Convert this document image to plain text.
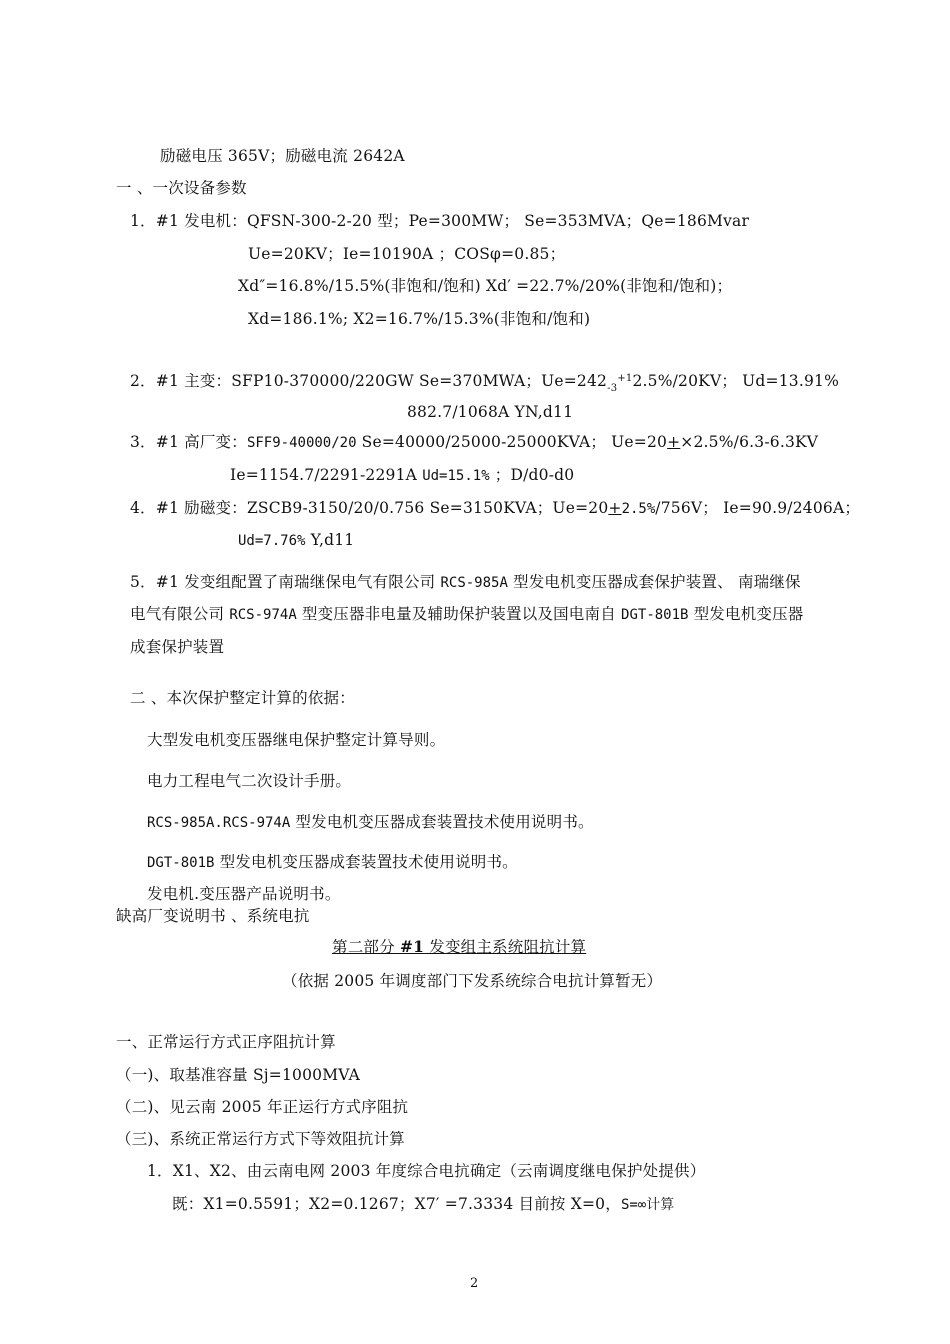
励磁电压 365V；励磁电流 2642A
一 、一次设备参数
1．#1 发电机：QFSN-300-2-20 型；Pe=300MW； Se=353MVA；Qe=186Mvar
Ue=20KV；Ie=10190A ；COSφ=0.85；
Xd″=16.8%/15.5%(非饱和/饱和) Xd′ =22.7%/20%(非饱和/饱和)；
Xd=186.1%; X2=16.7%/15.3%(非饱和/饱和)
2．#1 主变：SFP10-370000/220GW Se=370MWA；$Ue=242_{-3}^{+1}2.5\%/20KV$； Ud=13.91%
882.7/1068A YN,d11
3．#1 高厂变：SFF9-40000/20 Se=40000/25000-25000KVA； Ue=20+×2.5%/6.3-6.3KV
Ie=1154.7/2291-2291A Ud=15.1% ；D/d0-d0
4．#1 励磁变：ZSCB9-3150/20/0.756 Se=3150KVA；Ue=20+2.5%/756V； Ie=90.9/2406A；
Ud=7.76% Y,d11
5．#1 发变组配置了南瑞继保电气有限公司 RCS-985A 型发电机变压器成套保护装置、 南瑞继保
电气有限公司 RCS-974A 型变压器非电量及辅助保护装置以及国电南自 DGT-801B 型发电机变压器
成套保护装置
二 、本次保护整定计算的依据：
大型发电机变压器继电保护整定计算导则。
电力工程电气二次设计手册。
RCS-985A.RCS-974A 型发电机变压器成套装置技术使用说明书。
DGT-801B 型发电机变压器成套装置技术使用说明书。
发电机.变压器产品说明书。
缺高厂变说明书 、系统电抗
第二部分 #1 发变组主系统阻抗计算
（依据 2005 年调度部门下发系统综合电抗计算暂无）
一、正常运行方式正序阻抗计算
（一)、取基准容量 Sj=1000MVA
（二)、见云南 2005 年正运行方式序阻抗
（三)、系统正常运行方式下等效阻抗计算
1．X1、X2、由云南电网 2003 年度综合电抗确定（云南调度继电保护处提供）
既：X1=0.5591；X2=0.1267；X7′ =7.3334 目前按 X=0，S=∞计算
2
